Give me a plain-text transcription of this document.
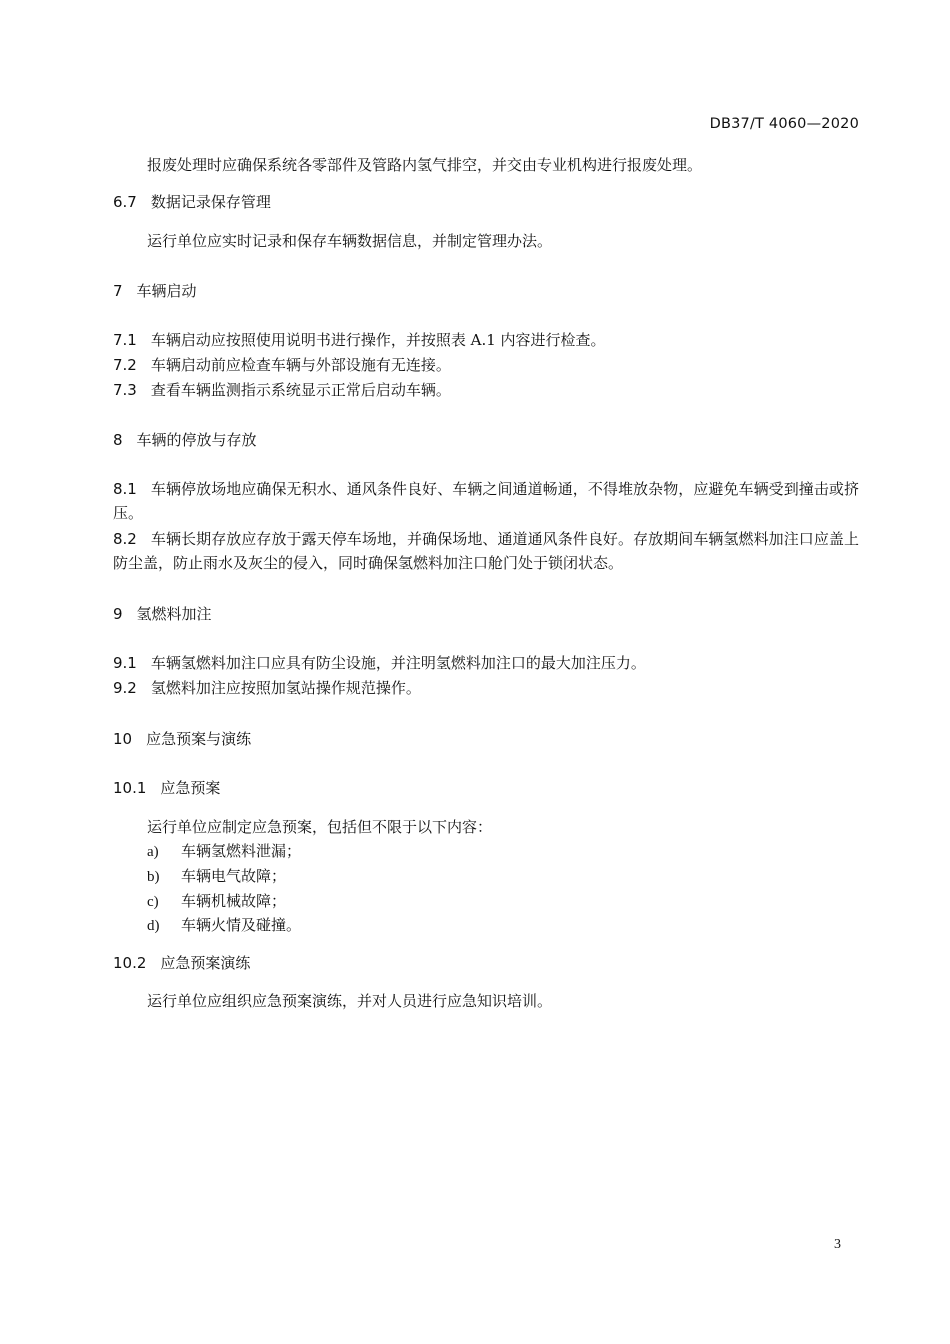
DB37/T 4060—2020
报废处理时应确保系统各零部件及管路内氢气排空，并交由专业机构进行报废处理。
6.7 数据记录保存管理
运行单位应实时记录和保存车辆数据信息，并制定管理办法。
7 车辆启动
7.1 车辆启动应按照使用说明书进行操作，并按照表 A.1 内容进行检查。
7.2 车辆启动前应检查车辆与外部设施有无连接。
7.3 查看车辆监测指示系统显示正常后启动车辆。
8 车辆的停放与存放
8.1 车辆停放场地应确保无积水、通风条件良好、车辆之间通道畅通，不得堆放杂物，应避免车辆受到撞击或挤压。
8.2 车辆长期存放应存放于露天停车场地，并确保场地、通道通风条件良好。存放期间车辆氢燃料加注口应盖上防尘盖，防止雨水及灰尘的侵入，同时确保氢燃料加注口舱门处于锁闭状态。
9 氢燃料加注
9.1 车辆氢燃料加注口应具有防尘设施，并注明氢燃料加注口的最大加注压力。
9.2 氢燃料加注应按照加氢站操作规范操作。
10 应急预案与演练
10.1 应急预案
运行单位应制定应急预案，包括但不限于以下内容：
a) 车辆氢燃料泄漏；
b) 车辆电气故障；
c) 车辆机械故障；
d) 车辆火情及碰撞。
10.2 应急预案演练
运行单位应组织应急预案演练，并对人员进行应急知识培训。
3
